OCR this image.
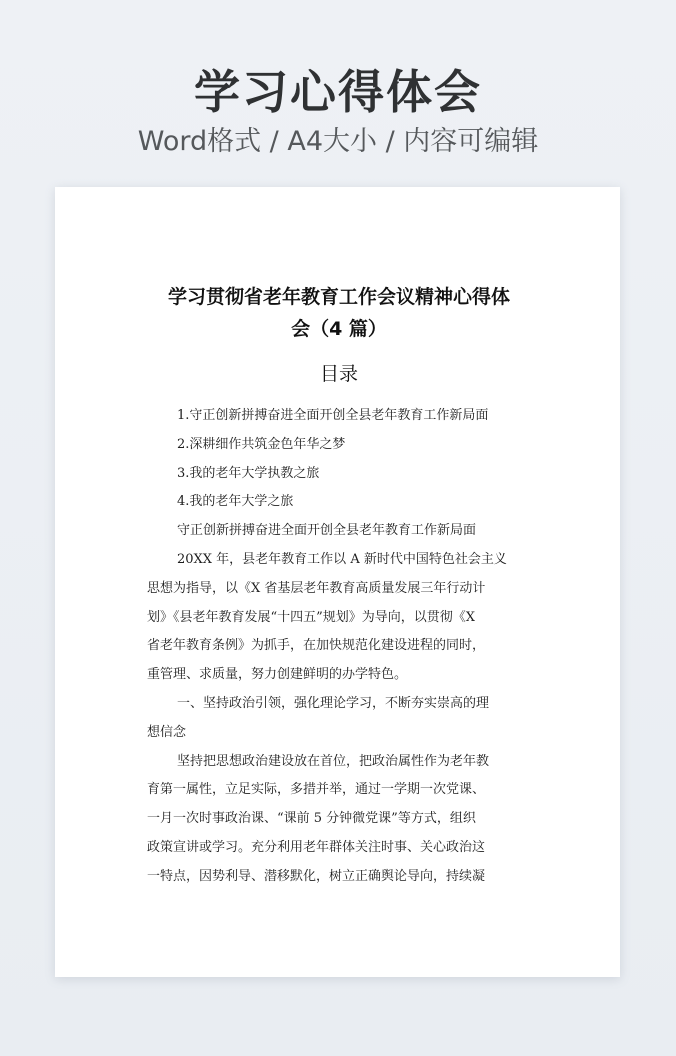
学习心得体会
Word格式 / A4大小 / 内容可编辑
学习贯彻省老年教育工作会议精神心得体
会（4 篇）
目录
1.守正创新拼搏奋进全面开创全县老年教育工作新局面
2.深耕细作共筑金色年华之梦
3.我的老年大学执教之旅
4.我的老年大学之旅
守正创新拼搏奋进全面开创全县老年教育工作新局面
20XX 年，县老年教育工作以 A 新时代中国特色社会主义
思想为指导，以《X 省基层老年教育高质量发展三年行动计
划》《县老年教育发展“十四五”规划》为导向，以贯彻《X
省老年教育条例》为抓手，在加快规范化建设进程的同时，
重管理、求质量，努力创建鲜明的办学特色。
一、坚持政治引领，强化理论学习，不断夯实崇高的理
想信念
坚持把思想政治建设放在首位，把政治属性作为老年教
育第一属性，立足实际，多措并举，通过一学期一次党课、
一月一次时事政治课、“课前 5 分钟微党课”等方式，组织
政策宣讲或学习。充分利用老年群体关注时事、关心政治这
一特点，因势利导、潜移默化，树立正确舆论导向，持续凝
